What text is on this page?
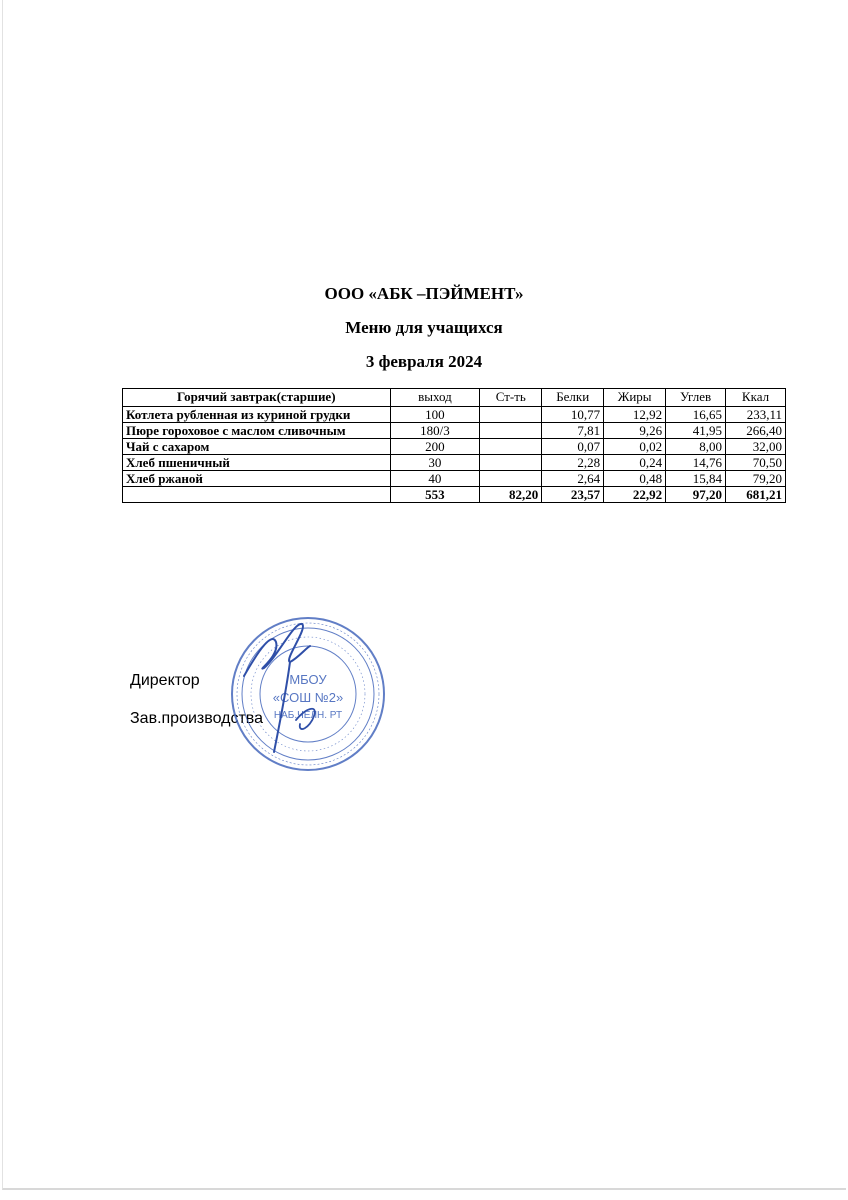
ООО «АБК –ПЭЙМЕНТ»
Меню для учащихся
3 февраля 2024
Горячий завтрак(старшие)	выход	Ст-ть	Белки	Жиры	Углев	Ккал
Котлета рубленная из куриной грудки	100		10,77	12,92	16,65	233,11
Пюре гороховое с маслом сливочным	180/3		7,81	9,26	41,95	266,40
Чай с сахаром	200		0,07	0,02	8,00	32,00
Хлеб пшеничный	30		2,28	0,24	14,76	70,50
Хлеб ржаной	40		2,64	0,48	15,84	79,20
	553	82,20	23,57	22,92	97,20	681,21
Директор
Зав.производства
МБОУ
«СОШ №2»
НАБ.ЧЕЛН. РТ
